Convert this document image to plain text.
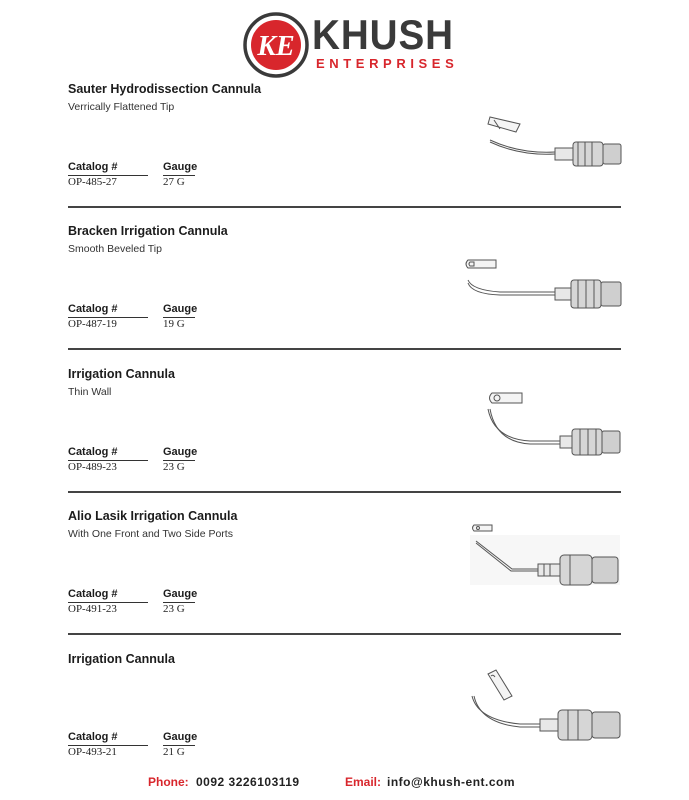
KE KHUSH
ENTERPRISES
Sauter Hydrodissection Cannula
Verrically Flattened Tip
Catalog #	Gauge
OP-485-27	27 G
Bracken Irrigation Cannula
Smooth Beveled Tip
Catalog #	Gauge
OP-487-19	19 G
Irrigation Cannula
Thin Wall
Catalog #	Gauge
OP-489-23	23 G
Alio Lasik Irrigation Cannula
With One Front and Two Side Ports
Catalog #	Gauge
OP-491-23	23 G
Irrigation Cannula
Catalog #	Gauge
OP-493-21	21 G
Phone: 0092 3226103119	Email: info@khush-ent.com
